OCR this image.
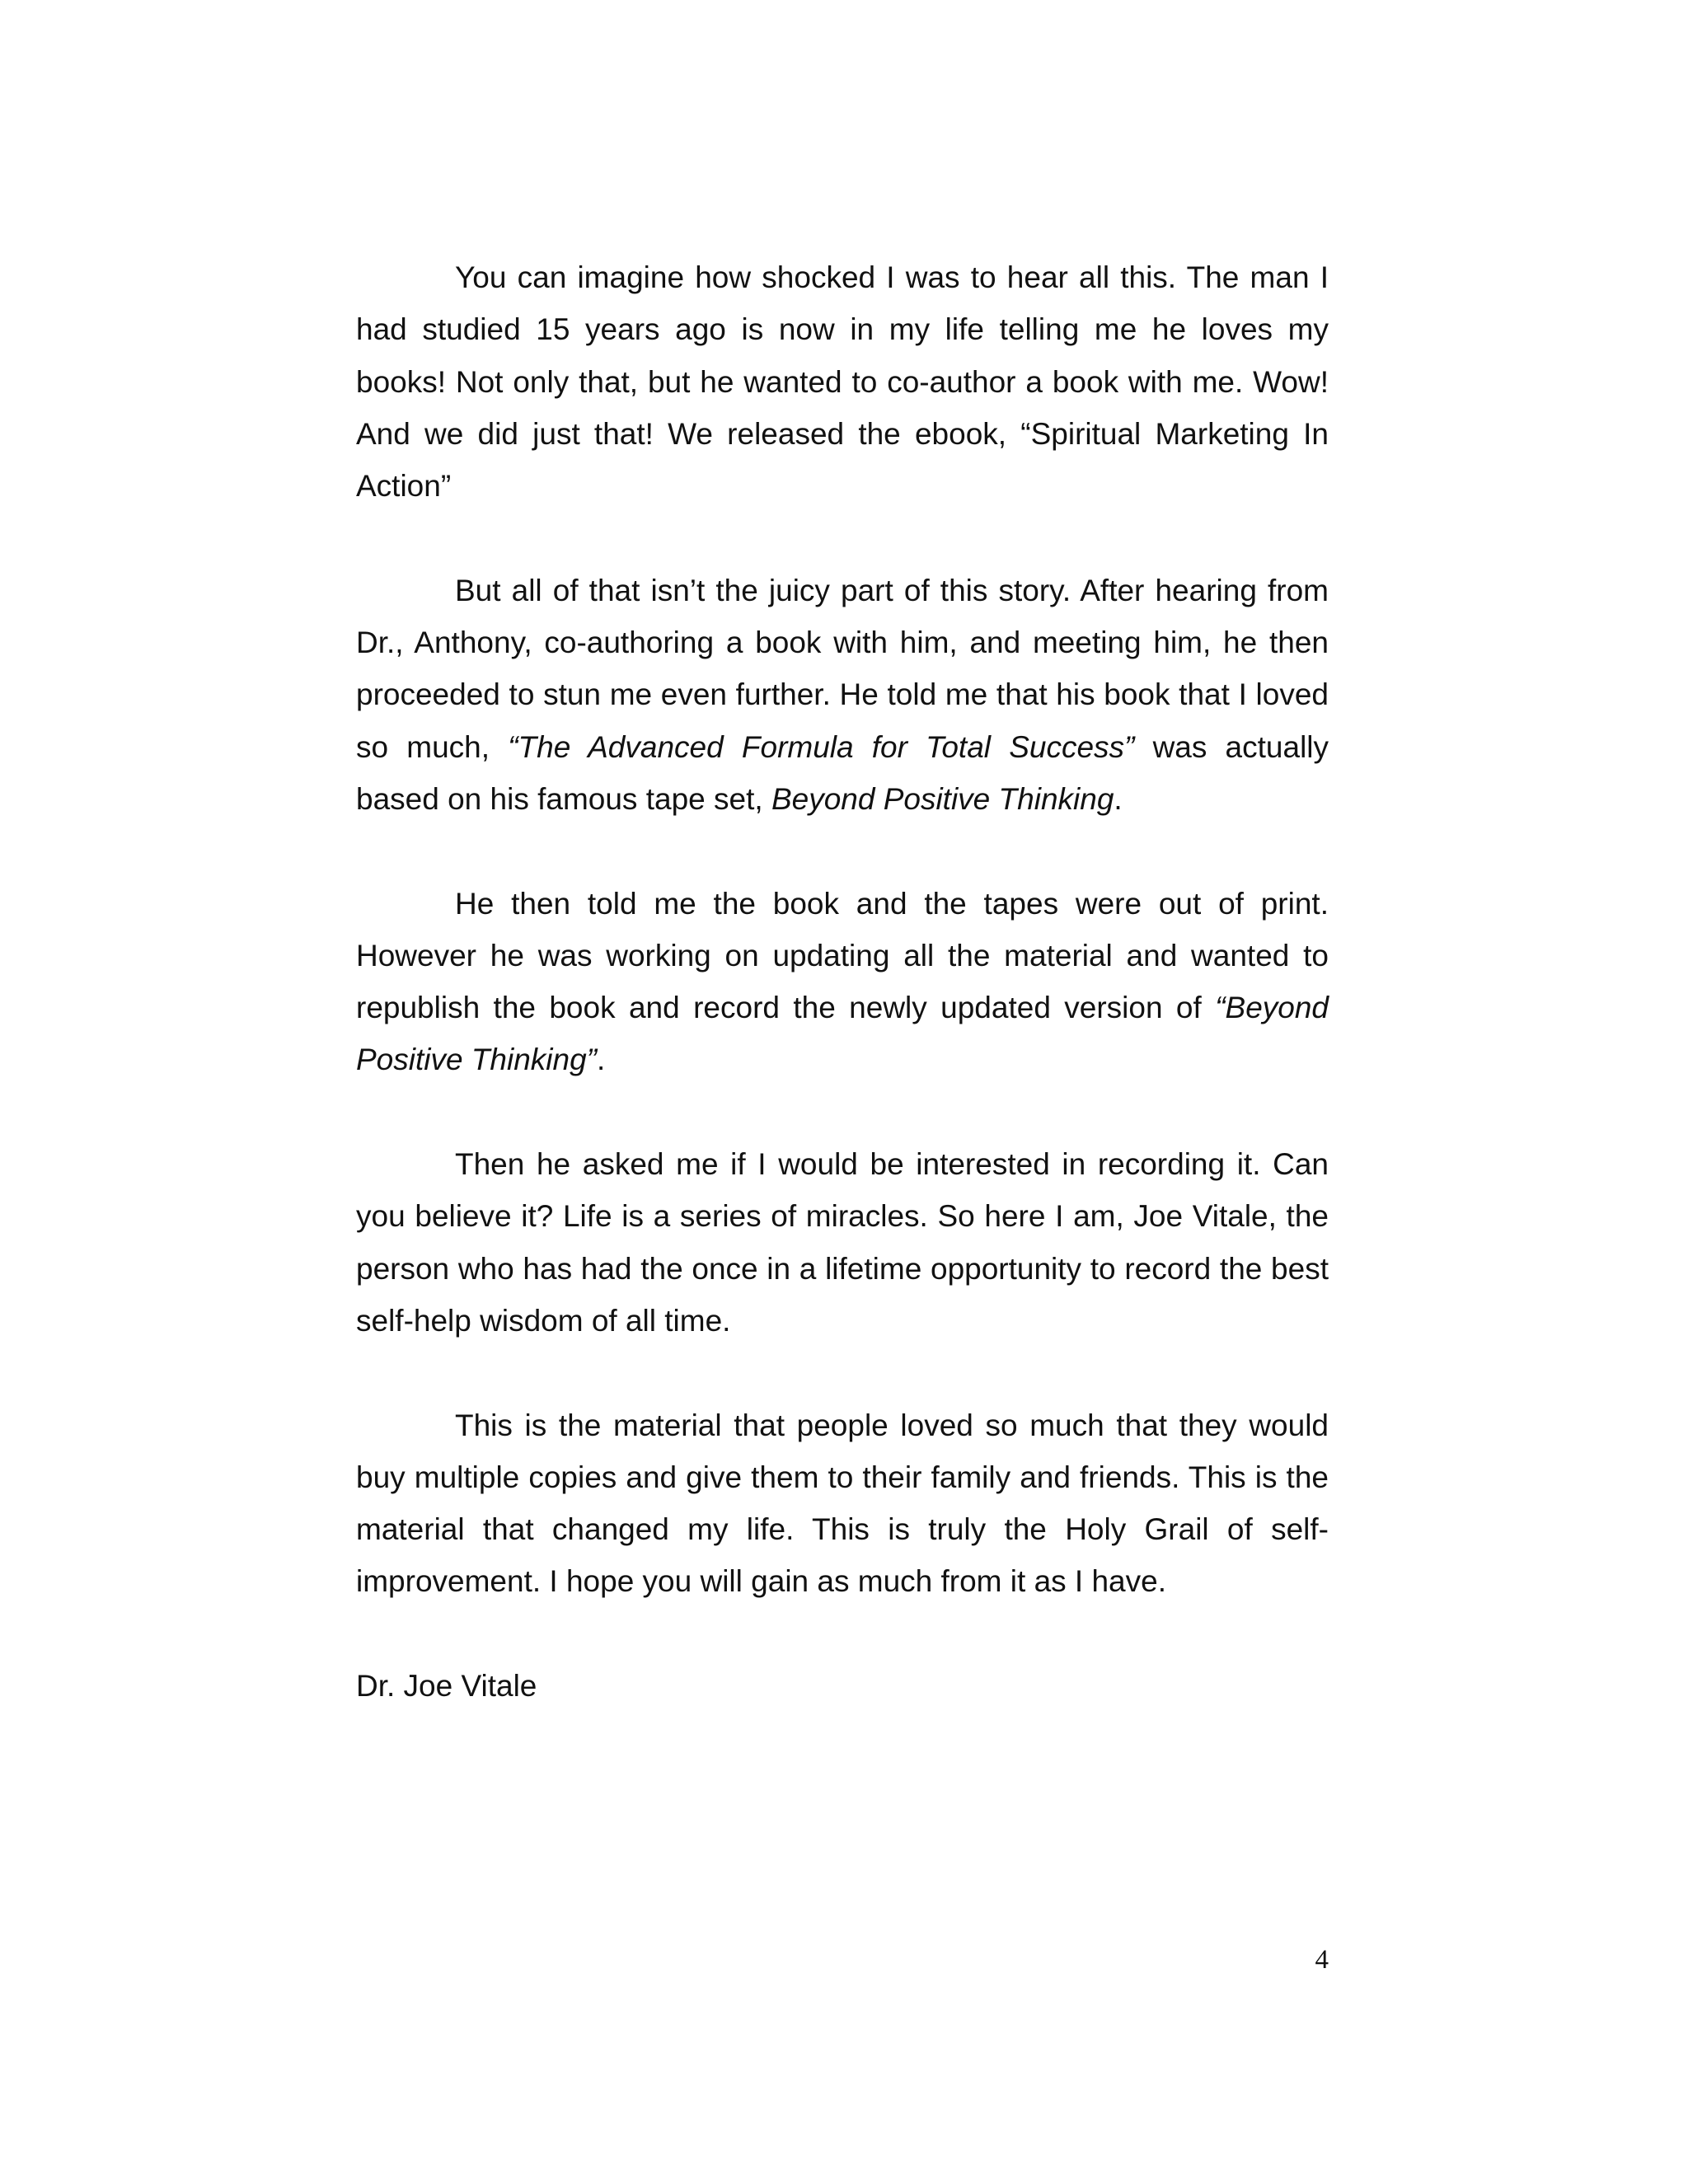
You can imagine how shocked I was to hear all this. The man I had studied 15 years ago is now in my life telling me he loves my books! Not only that, but he wanted to co-author a book with me. Wow! And we did just that! We released the ebook, “Spiritual Marketing In Action”

But all of that isn’t the juicy part of this story. After hearing from Dr., Anthony, co-authoring a book with him, and meeting him, he then proceeded to stun me even further. He told me that his book that I loved so much, “The Advanced Formula for Total Success” was actually based on his famous tape set, Beyond Positive Thinking.

He then told me the book and the tapes were out of print. However he was working on updating all the material and wanted to republish the book and record the newly updated version of “Beyond Positive Thinking”.

Then he asked me if I would be interested in recording it. Can you believe it? Life is a series of miracles. So here I am, Joe Vitale, the person who has had the once in a lifetime opportunity to record the best self-help wisdom of all time.

This is the material that people loved so much that they would buy multiple copies and give them to their family and friends. This is the material that changed my life. This is truly the Holy Grail of self-improvement. I hope you will gain as much from it as I have.

Dr. Joe Vitale

4
